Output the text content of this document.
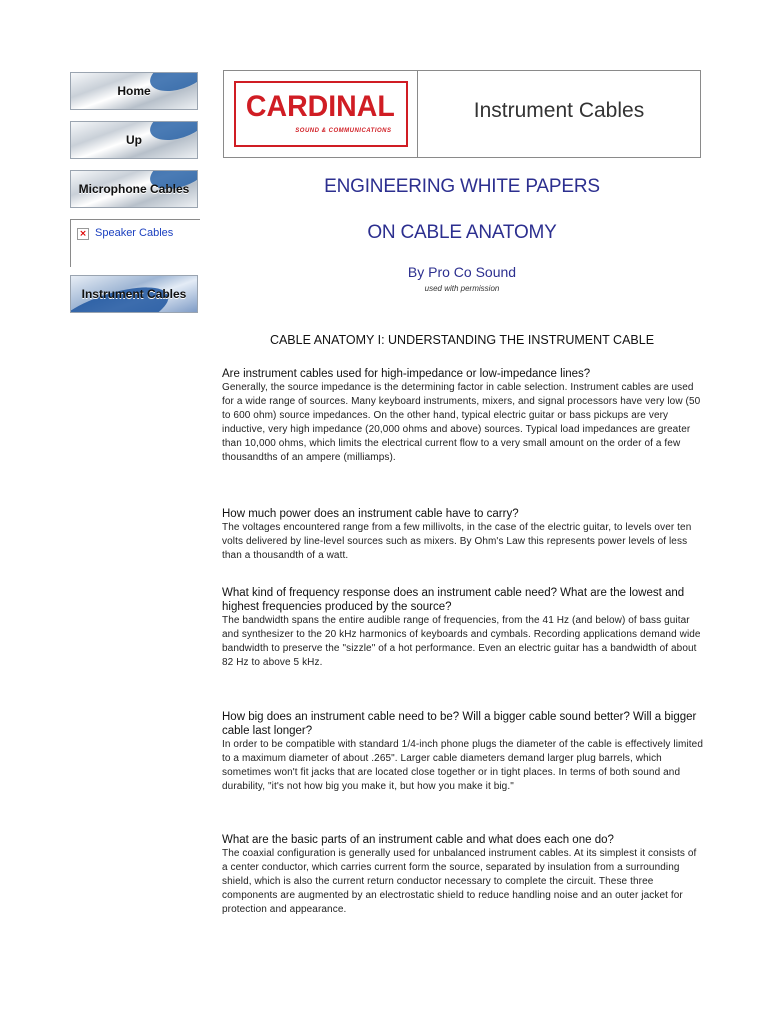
Home
Up
Microphone Cables
× Speaker Cables
Instrument Cables
CARDINAL
SOUND & COMMUNICATIONS
Instrument Cables
ENGINEERING WHITE PAPERS
ON CABLE ANATOMY
By Pro Co Sound
used with permission
CABLE ANATOMY I: UNDERSTANDING THE INSTRUMENT CABLE
Are instrument cables used for high-impedance or low-impedance lines?
Generally, the source impedance is the determining factor in cable selection. Instrument cables are used for a wide range of sources. Many keyboard instruments, mixers, and signal processors have very low (50 to 600 ohm) source impedances. On the other hand, typical electric guitar or bass pickups are very inductive, very high impedance (20,000 ohms and above) sources. Typical load impedances are greater than 10,000 ohms, which limits the electrical current flow to a very small amount on the order of a few thousandths of an ampere (milliamps).
How much power does an instrument cable have to carry?
The voltages encountered range from a few millivolts, in the case of the electric guitar, to levels over ten volts delivered by line-level sources such as mixers. By Ohm's Law this represents power levels of less than a thousandth of a watt.
What kind of frequency response does an instrument cable need? What are the lowest and highest frequencies produced by the source?
The bandwidth spans the entire audible range of frequencies, from the 41 Hz (and below) of bass guitar and synthesizer to the 20 kHz harmonics of keyboards and cymbals. Recording applications demand wide bandwidth to preserve the "sizzle" of a hot performance. Even an electric guitar has a bandwidth of about 82 Hz to above 5 kHz.
How big does an instrument cable need to be? Will a bigger cable sound better? Will a bigger cable last longer?
In order to be compatible with standard 1/4-inch phone plugs the diameter of the cable is effectively limited to a maximum diameter of about .265". Larger cable diameters demand larger plug barrels, which sometimes won't fit jacks that are located close together or in tight places. In terms of both sound and durability, "it's not how big you make it, but how you make it big."
What are the basic parts of an instrument cable and what does each one do?
The coaxial configuration is generally used for unbalanced instrument cables. At its simplest it consists of a center conductor, which carries current form the source, separated by insulation from a surrounding shield, which is also the current return conductor necessary to complete the circuit. These three components are augmented by an electrostatic shield to reduce handling noise and an outer jacket for protection and appearance.
